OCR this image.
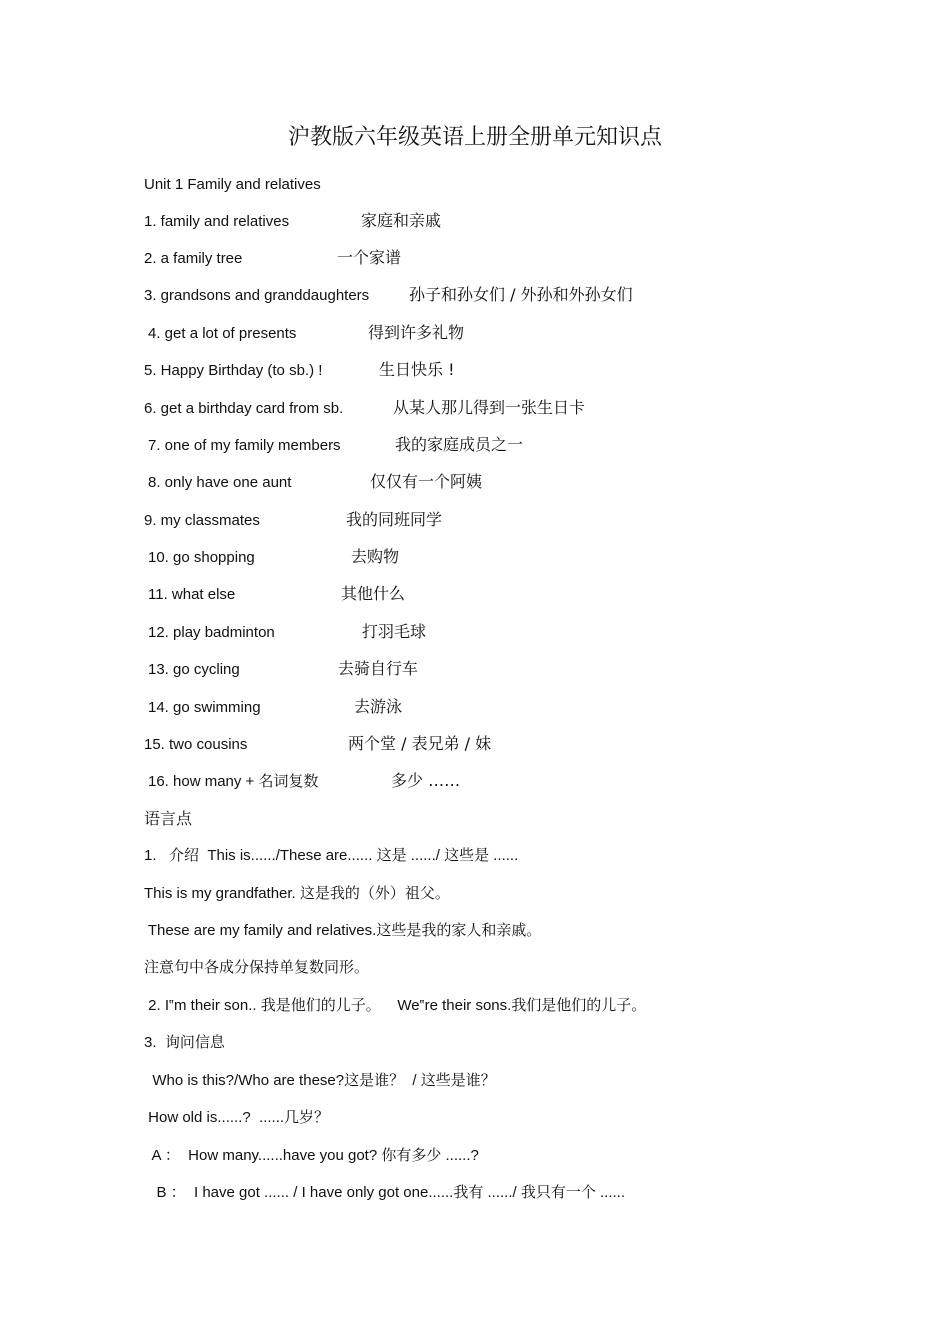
沪教版六年级英语上册全册单元知识点
Unit 1 Family and relatives
1. family and relatives	家庭和亲戚
2. a family tree	一个家谱
3. grandsons and granddaughters 孙子和孙女们 / 外孙和外孙女们
4. get a lot of presents	得到许多礼物
5. Happy Birthday (to sb.) !	生日快乐 !
6. get a birthday card from sb.	从某人那儿得到一张生日卡
7. one of my family members	我的家庭成员之一
8. only have one aunt	仅仅有一个阿姨
9. my classmates	我的同班同学
10. go shopping	去购物
11. what else	其他什么
12. play badminton	打羽毛球
13. go cycling	去骑自行车
14. go swimming	去游泳
15. two cousins	两个堂 / 表兄弟 / 妹
16. how many + 名词复数	多少 ……
语言点
1.   介绍  This is....../These are...... 这是 ....../ 这些是 ......
This is my grandfather. 这是我的（外）祖父。
These are my family and relatives.这些是我的家人和亲戚。
注意句中各成分保持单复数同形。
2. I‟m their son.. 我是他们的儿子。    We‟re their sons.我们是他们的儿子。
3.  询问信息
Who is this?/Who are these?这是谁？  / 这些是谁？
How old is......?  ......几岁？
A ：  How many......have you got? 你有多少 ......?
B ：  I have got ...... / I have only got one......我有 ....../ 我只有一个 ......
